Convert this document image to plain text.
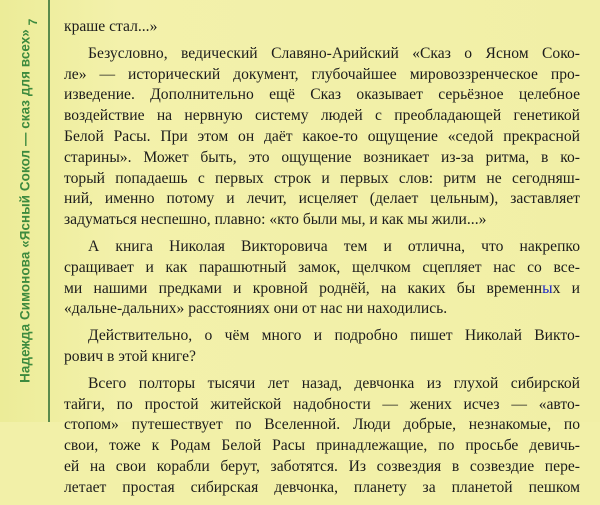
7
Надежда Симонова «Ясный Сокол — сказ для всех»

краше стал...»

Безусловно, ведический Славяно-Арийский «Сказ о Ясном Соко-
ле» — исторический документ, глубочайшее мировоззренческое про-
изведение. Дополнительно ещё Сказ оказывает серьёзное целебное
воздействие на нервную систему людей с преобладающей генетикой
Белой Расы. При этом он даёт какое-то ощущение «седой прекрасной
старины». Может быть, это ощущение возникает из-за ритма, в ко-
торый попадаешь с первых строк и первых слов: ритм не сегодняш-
ний, именно потому и лечит, исцеляет (делает цельным), заставляет
задуматься неспешно, плавно: «кто были мы, и как мы жили...»

А книга Николая Викторовича тем и отлична, что накрепко
сращивает и как парашютный замок, щелчком сцепляет нас со все-
ми нашими предками и кровной роднёй, на каких бы временных и
«дальне-дальних» расстояниях они от нас ни находились.

Действительно, о чём много и подробно пишет Николай Викто-
рович в этой книге?

Всего полторы тысячи лет назад, девчонка из глухой сибирской
тайги, по простой житейской надобности — жених исчез — «авто-
стопом» путешествует по Вселенной. Люди добрые, незнакомые, по
свои, тоже к Родам Белой Расы принадлежащие, по просьбе девичь-
ей на свои корабли берут, заботятся. Из созвездия в созвездие пере-
летает простая сибирская девчонка, планету за планетой пешком
